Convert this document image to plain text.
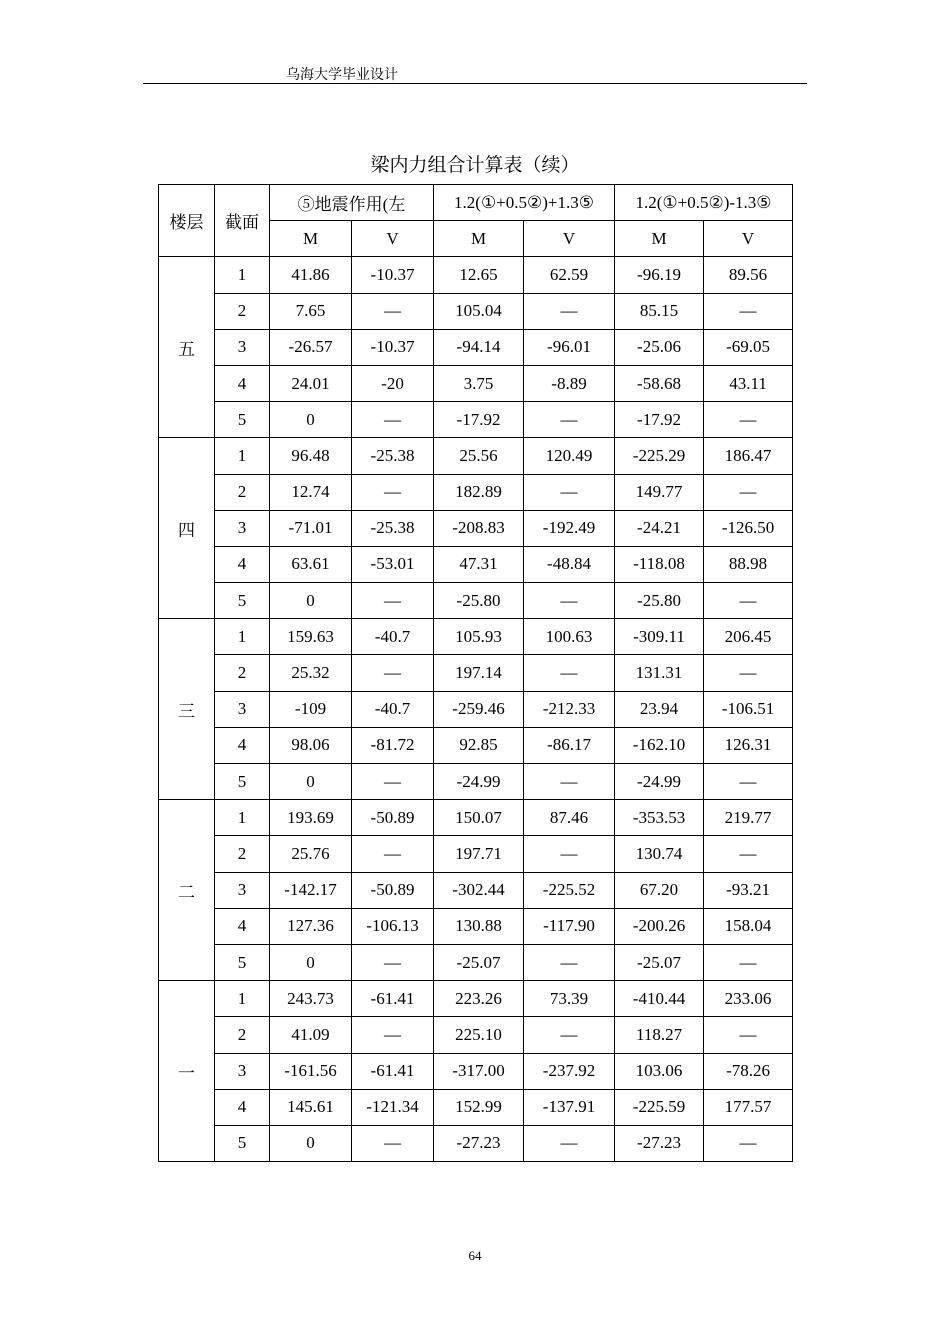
乌海大学毕业设计
梁内力组合计算表（续）
楼层	截面	⑤地震作用(左		1.2(①+0.5②)+1.3⑤		1.2(①+0.5②)-1.3⑤	
		M	V	M	V	M	V
五	1	41.86	-10.37	12.65	62.59	-96.19	89.56
	2	7.65	—	105.04	—	85.15	—
	3	-26.57	-10.37	-94.14	-96.01	-25.06	-69.05
	4	24.01	-20	3.75	-8.89	-58.68	43.11
	5	0	—	-17.92	—	-17.92	—
四	1	96.48	-25.38	25.56	120.49	-225.29	186.47
	2	12.74	—	182.89	—	149.77	—
	3	-71.01	-25.38	-208.83	-192.49	-24.21	-126.50
	4	63.61	-53.01	47.31	-48.84	-118.08	88.98
	5	0	—	-25.80	—	-25.80	—
三	1	159.63	-40.7	105.93	100.63	-309.11	206.45
	2	25.32	—	197.14	—	131.31	—
	3	-109	-40.7	-259.46	-212.33	23.94	-106.51
	4	98.06	-81.72	92.85	-86.17	-162.10	126.31
	5	0	—	-24.99	—	-24.99	—
二	1	193.69	-50.89	150.07	87.46	-353.53	219.77
	2	25.76	—	197.71	—	130.74	—
	3	-142.17	-50.89	-302.44	-225.52	67.20	-93.21
	4	127.36	-106.13	130.88	-117.90	-200.26	158.04
	5	0	—	-25.07	—	-25.07	—
一	1	243.73	-61.41	223.26	73.39	-410.44	233.06
	2	41.09	—	225.10	—	118.27	—
	3	-161.56	-61.41	-317.00	-237.92	103.06	-78.26
	4	145.61	-121.34	152.99	-137.91	-225.59	177.57
	5	0	—	-27.23	—	-27.23	—
64
